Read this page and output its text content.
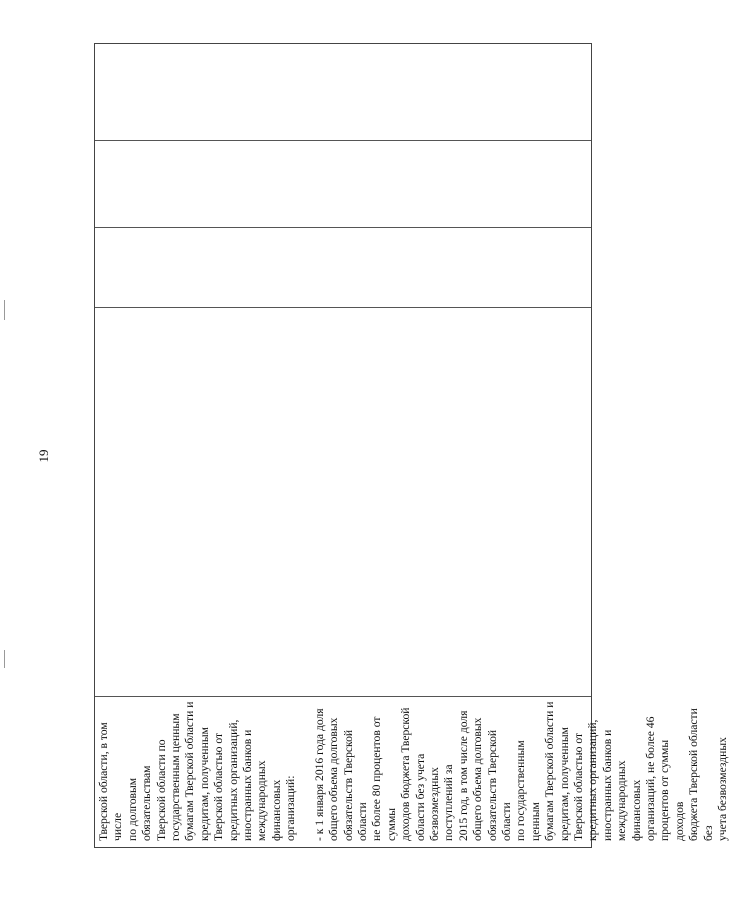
19

Тверской области, в том числе по долговым обязательствам Тверской области по государственным ценным бумагам Тверской области и кредитам, полученным Тверской областью от кредитных организаций, иностранных банков и международных финансовых организаций: - к 1 января 2016 года доля общего объема долговых обязательств Тверской области не более 80 процентов от суммы доходов бюджета Тверской области без учета безвозмездных поступлений за 2015 год, в том числе доля общего объема долговых обязательств Тверской области по государственным ценным бумагам Тверской области и кредитам, полученным Тверской областью от кредитных организаций, иностранных банков и международных финансовых организаций, не более 46 процентов от суммы доходов бюджета Тверской области без учета безвозмездных
